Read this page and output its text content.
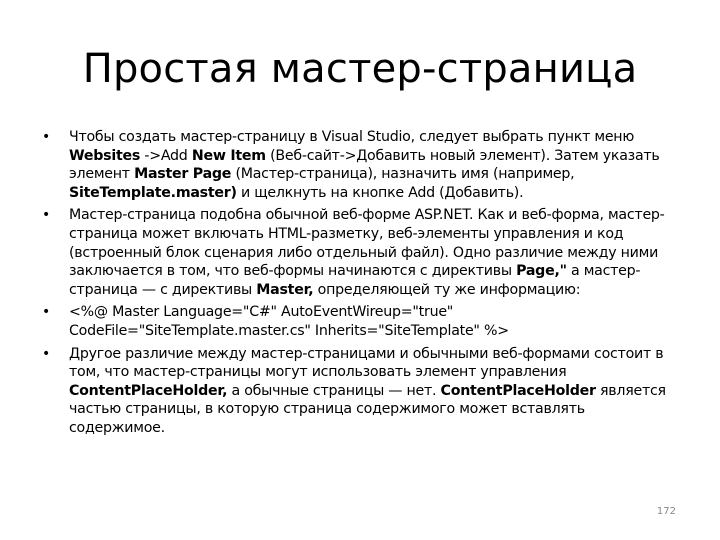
Простая мастер-страница
• Чтобы создать мастер-страницу в Visual Studio, следует выбрать пункт меню Websites ->Add New Item (Веб-сайт->Добавить новый элемент). Затем указать элемент Master Page (Мастер-страница), назначить имя (например, SiteTemplate.master) и щелкнуть на кнопке Add (Добавить).
• Мастер-страница подобна обычной веб-форме ASP.NET. Как и веб-форма, мастер-страница может включать HTML-разметку, веб-элементы управления и код (встроенный блок сценария либо отдельный файл). Одно различие между ними заключается в том, что веб-формы начинаются с директивы Page," а мастер-страница — с директивы Master, определяющей ту же информацию:
• <%@ Master Language="C#" AutoEventWireup="true" CodeFile="SiteTemplate.master.cs" Inherits="SiteTemplate" %>
• Другое различие между мастер-страницами и обычными веб-формами состоит в том, что мастер-страницы могут использовать элемент управления ContentPlaceHolder, а обычные страницы — нет. ContentPlaceHolder является частью страницы, в которую страница содержимого может вставлять содержимое.
172
